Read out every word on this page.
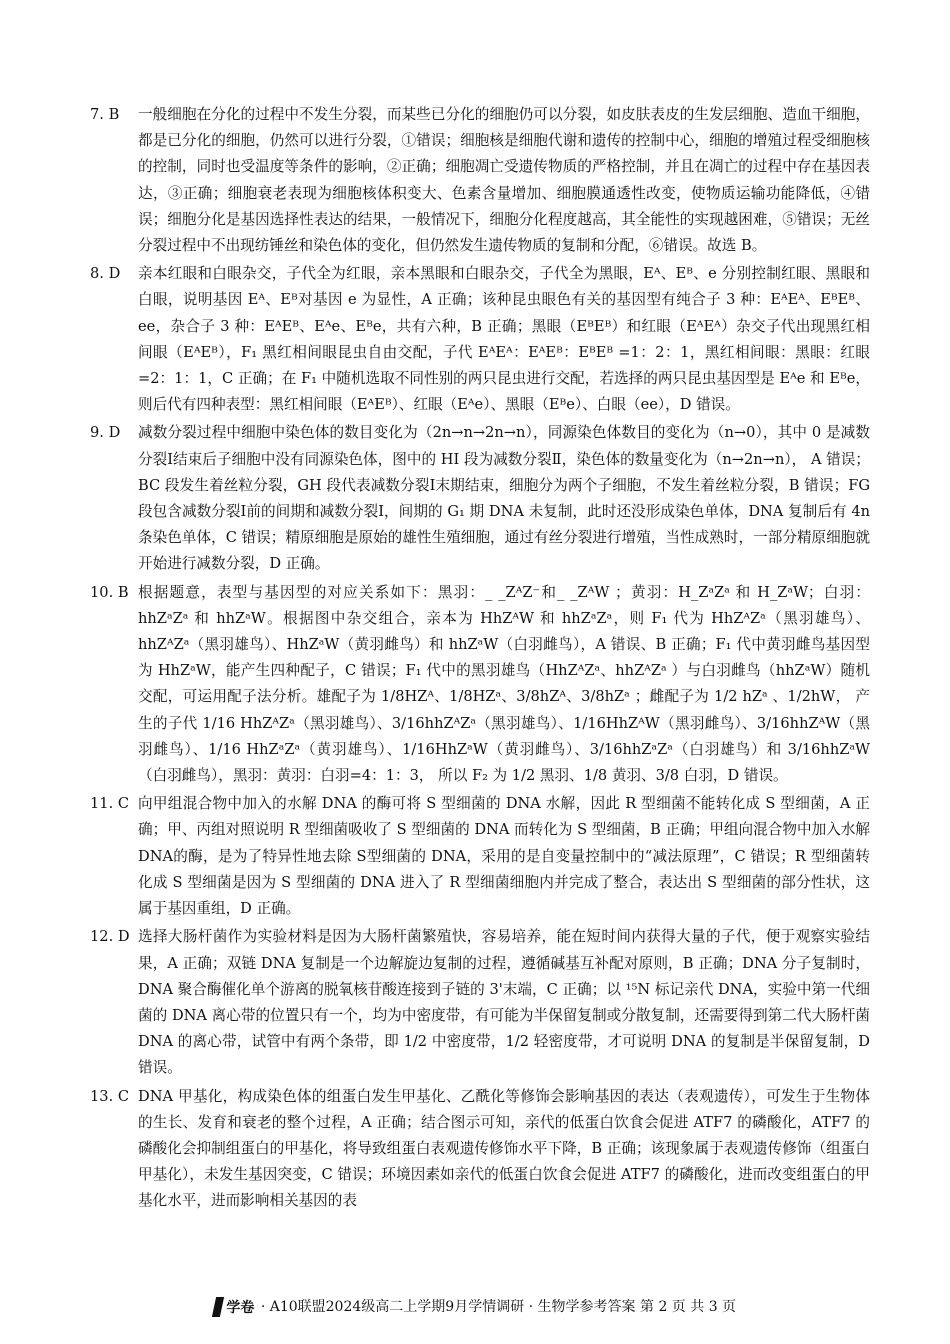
7. B 一般细胞在分化的过程中不发生分裂，而某些已分化的细胞仍可以分裂，如皮肤表皮的生发层细胞、造血干细胞，都是已分化的细胞，仍然可以进行分裂，①错误；细胞核是细胞代谢和遗传的控制中心，细胞的增殖过程受细胞核的控制，同时也受温度等条件的影响，②正确；细胞凋亡受遗传物质的严格控制，并且在凋亡的过程中存在基因表达，③正确；细胞衰老表现为细胞核体积变大、色素含量增加、细胞膜通透性改变，使物质运输功能降低，④错误；细胞分化是基因选择性表达的结果，一般情况下，细胞分化程度越高，其全能性的实现越困难，⑤错误；无丝分裂过程中不出现纺锤丝和染色体的变化，但仍然发生遗传物质的复制和分配，⑥错误。故选 B。
8. D 亲本红眼和白眼杂交，子代全为红眼，亲本黑眼和白眼杂交，子代全为黑眼，Eᴬ、Eᴮ、e 分别控制红眼、黑眼和白眼，说明基因 Eᴬ、Eᴮ对基因 e 为显性，A 正确；该种昆虫眼色有关的基因型有纯合子 3 种：EᴬEᴬ、EᴮEᴮ、ee，杂合子 3 种：EᴬEᴮ、Eᴬe、Eᴮe，共有六种，B 正确；黑眼（EᴮEᴮ）和红眼（EᴬEᴬ）杂交子代出现黑红相间眼（EᴬEᴮ），F₁ 黑红相间眼昆虫自由交配，子代 EᴬEᴬ：EᴬEᴮ：EᴮEᴮ =1：2：1，黑红相间眼：黑眼：红眼=2：1：1，C 正确；在 F₁ 中随机选取不同性别的两只昆虫进行交配，若选择的两只昆虫基因型是 Eᴬe 和 Eᴮe，则后代有四种表型：黑红相间眼（EᴬEᴮ）、红眼（Eᴬe）、黑眼（Eᴮe）、白眼（ee），D 错误。
9. D 减数分裂过程中细胞中染色体的数目变化为（2n→n→2n→n），同源染色体数目的变化为（n→0），其中 0 是减数分裂Ⅰ结束后子细胞中没有同源染色体，图中的 HI 段为减数分裂Ⅱ，染色体的数量变化为（n→2n→n）， A 错误；BC 段发生着丝粒分裂，GH 段代表减数分裂Ⅰ末期结束，细胞分为两个子细胞，不发生着丝粒分裂，B 错误；FG 段包含减数分裂Ⅰ前的间期和减数分裂Ⅰ，间期的 G₁ 期 DNA 未复制，此时还没形成染色单体，DNA 复制后有 4n 条染色单体，C 错误；精原细胞是原始的雄性生殖细胞，通过有丝分裂进行增殖，当性成熟时，一部分精原细胞就开始进行减数分裂，D 正确。
10. B 根据题意，表型与基因型的对应关系如下：黑羽：_ _ZᴬZ⁻和_ _ZᴬW ；黄羽：H_ZᵃZᵃ 和 H_ZᵃW；白羽：hhZᵃZᵃ 和 hhZᵃW。根据图中杂交组合，亲本为 HhZᴬW 和 hhZᵃZᵃ，则 F₁ 代为 HhZᴬZᵃ（黑羽雄鸟）、hhZᴬZᵃ（黑羽雄鸟）、HhZᵃW（黄羽雌鸟）和 hhZᵃW（白羽雌鸟），A 错误、B 正确；F₁ 代中黄羽雌鸟基因型为 HhZᵃW，能产生四种配子，C 错误；F₁ 代中的黑羽雄鸟（HhZᴬZᵃ、hhZᴬZᵃ ）与白羽雌鸟（hhZᵃW）随机交配，可运用配子法分析。雄配子为 1/8HZᴬ、1/8HZᵃ、3/8hZᴬ、3/8hZᵃ ；雌配子为 1/2 hZᵃ 、1/2hW， 产生的子代 1/16 HhZᴬZᵃ（黑羽雄鸟）、3/16hhZᴬZᵃ（黑羽雄鸟）、1/16HhZᴬW（黑羽雌鸟）、3/16hhZᴬW（黑羽雌鸟）、1/16 HhZᵃZᵃ（黄羽雄鸟）、1/16HhZᵃW（黄羽雌鸟）、3/16hhZᵃZᵃ（白羽雄鸟）和 3/16hhZᵃW（白羽雌鸟），黑羽：黄羽：白羽=4：1：3， 所以 F₂ 为 1/2 黑羽、1/8 黄羽、3/8 白羽，D 错误。
11. C 向甲组混合物中加入的水解 DNA 的酶可将 S 型细菌的 DNA 水解，因此 R 型细菌不能转化成 S 型细菌，A 正确；甲、丙组对照说明 R 型细菌吸收了 S 型细菌的 DNA 而转化为 S 型细菌，B 正确；甲组向混合物中加入水解 DNA的酶，是为了特异性地去除 S型细菌的 DNA，采用的是自变量控制中的“减法原理”，C 错误；R 型细菌转化成 S 型细菌是因为 S 型细菌的 DNA 进入了 R 型细菌细胞内并完成了整合，表达出 S 型细菌的部分性状，这属于基因重组，D 正确。
12. D 选择大肠杆菌作为实验材料是因为大肠杆菌繁殖快，容易培养，能在短时间内获得大量的子代，便于观察实验结果，A 正确；双链 DNA 复制是一个边解旋边复制的过程，遵循碱基互补配对原则，B 正确；DNA 分子复制时，DNA 聚合酶催化单个游离的脱氧核苷酸连接到子链的 3'末端，C 正确；以 ¹⁵N 标记亲代 DNA，实验中第一代细菌的 DNA 离心带的位置只有一个，均为中密度带，有可能为半保留复制或分散复制，还需要得到第二代大肠杆菌 DNA 的离心带，试管中有两个条带，即 1/2 中密度带，1/2 轻密度带，才可说明 DNA 的复制是半保留复制，D 错误。
13. C DNA 甲基化，构成染色体的组蛋白发生甲基化、乙酰化等修饰会影响基因的表达（表观遗传），可发生于生物体的生长、发育和衰老的整个过程，A 正确；结合图示可知，亲代的低蛋白饮食会促进 ATF7 的磷酸化，ATF7 的磷酸化会抑制组蛋白的甲基化，将导致组蛋白表观遗传修饰水平下降，B 正确；该现象属于表观遗传修饰（组蛋白甲基化），未发生基因突变，C 错误；环境因素如亲代的低蛋白饮食会促进 ATF7 的磷酸化，进而改变组蛋白的甲基化水平，进而影响相关基因的表
学卷 · A10联盟2024级高二上学期9月学情调研 · 生物学参考答案 第 2 页 共 3 页
